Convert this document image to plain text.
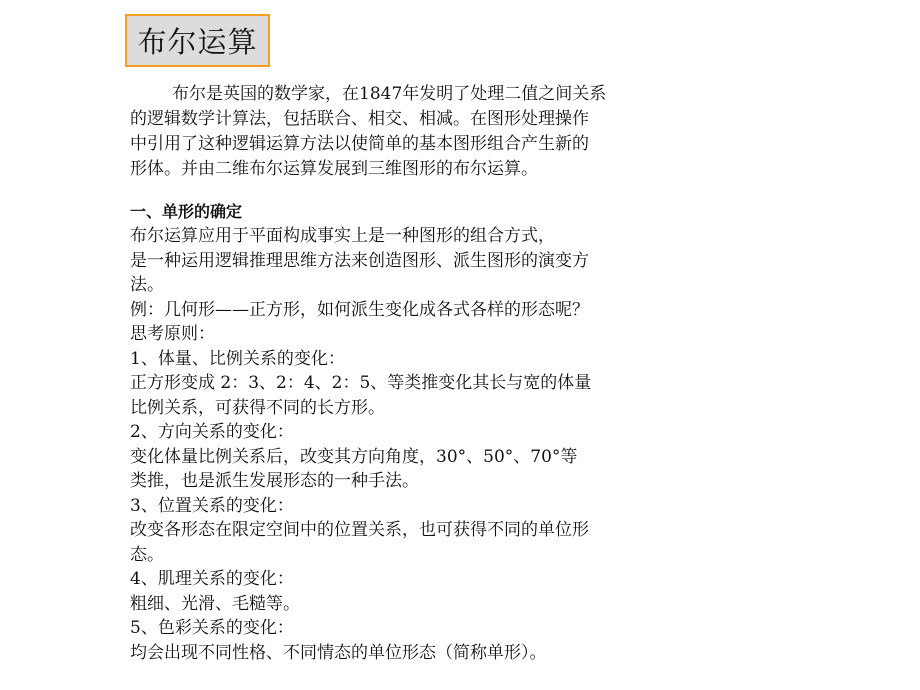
布尔运算

布尔是英国的数学家，在1847年发明了处理二值之间关系

的逻辑数学计算法，包括联合、相交、相减。在图形处理操作

中引用了这种逻辑运算方法以使简单的基本图形组合产生新的

形体。并由二维布尔运算发展到三维图形的布尔运算。

一、单形的确定

布尔运算应用于平面构成事实上是一种图形的组合方式，

是一种运用逻辑推理思维方法来创造图形、派生图形的演变方

法。

例：几何形——正方形，如何派生变化成各式各样的形态呢？

思考原则：

1、体量、比例关系的变化：

正方形变成 2：3、2：4、2：5、等类推变化其长与宽的体量

比例关系，可获得不同的长方形。

2、方向关系的变化：

变化体量比例关系后，改变其方向角度，30°、50°、70°等

类推，也是派生发展形态的一种手法。

3、位置关系的变化：

改变各形态在限定空间中的位置关系，也可获得不同的单位形

态。

4、肌理关系的变化：

粗细、光滑、毛糙等。

5、色彩关系的变化：

均会出现不同性格、不同情态的单位形态（简称单形）。
